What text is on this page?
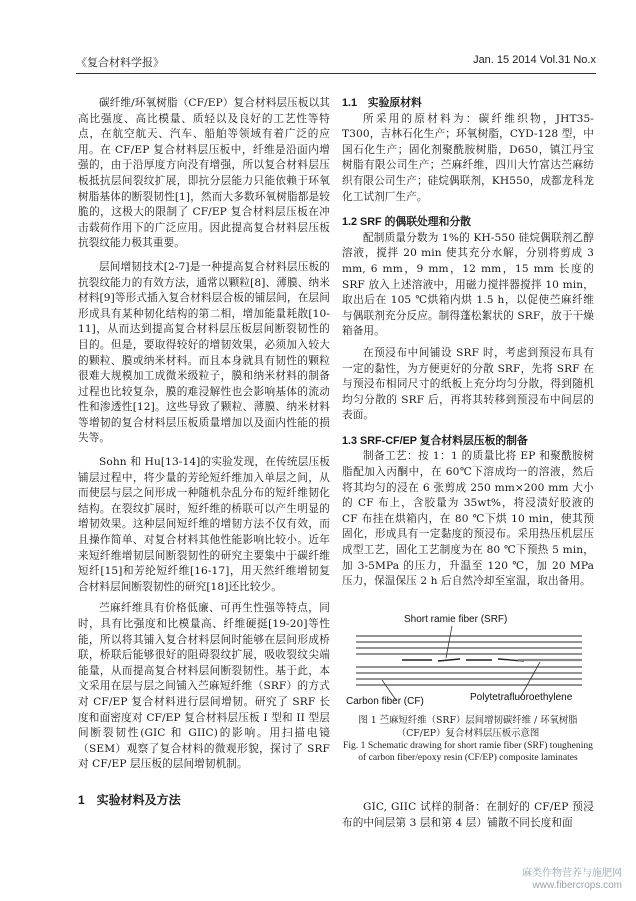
《复合材料学报》	Jan. 15 2014 Vol.31 No.x

碳纤维/环氧树脂（CF/EP）复合材料层压板以其高比强度、高比模量、质轻以及良好的工艺性等特点，在航空航天、汽车、船舶等领域有着广泛的应用。在 CF/EP 复合材料层压板中，纤维是沿面内增强的，由于沿厚度方向没有增强，所以复合材料层压板抵抗层间裂纹扩展，即抗分层能力只能依赖于环氧树脂基体的断裂韧性[1]，然而大多数环氧树脂都是较脆的，这极大的限制了 CF/EP 复合材料层压板在冲击载荷作用下的广泛应用。因此提高复合材料层压板抗裂纹能力极其重要。

层间增韧技术[2-7]是一种提高复合材料层压板的抗裂纹能力的有效方法，通常以颗粒[8]、薄膜、纳米材料[9]等形式插入复合材料层合板的铺层间，在层间形成具有某种韧化结构的第二相，增加能量耗散[10-11]，从而达到提高复合材料层压板层间断裂韧性的目的。但是，要取得较好的增韧效果，必须加入较大的颗粒、膜或纳米材料。而且本身就具有韧性的颗粒很难大规模加工成微米级粒子，膜和纳米材料的制备过程也比较复杂，膜的难浸解性也会影响基体的流动性和渗透性[12]。这些导致了颗粒、薄膜、纳米材料等增韧的复合材料层压板质量增加以及面内性能的损失等。

Sohn 和 Hu[13-14]的实验发现，在传统层压板铺层过程中，将少量的芳纶短纤维加入单层之间，从而使层与层之间形成一种随机杂乱分布的短纤维韧化结构。在裂纹扩展时，短纤维的桥联可以产生明显的增韧效果。这种层间短纤维的增韧方法不仅有效，而且操作简单、对复合材料其他性能影响比较小。近年来短纤维增韧层间断裂韧性的研究主要集中于碳纤维短纤[15]和芳纶短纤维[16-17]，用天然纤维增韧复合材料层间断裂韧性的研究[18]还比较少。

苎麻纤维具有价格低廉、可再生性强等特点，同时，具有比强度和比模量高、纤维硬挺[19-20]等性能，所以将其铺入复合材料层间时能够在层间形成桥联，桥联后能够很好的阻碍裂纹扩展，吸收裂纹尖端能量，从而提高复合材料层间断裂韧性。基于此，本文采用在层与层之间铺入苎麻短纤维（SRF）的方式对 CF/EP 复合材料进行层间增韧。研究了 SRF 长度和面密度对 CF/EP 复合材料层压板 I 型和 II 型层间断裂韧性(GIC 和 GIIC)的影响。用扫描电镜（SEM）观察了复合材料的微观形貌，探讨了 SRF 对 CF/EP 层压板的层间增韧机制。

1　实验材料及方法

1.1　实验原材料

所采用的原材料为：碳纤维织物，JHT35-T300，吉林石化生产；环氧树脂，CYD-128 型，中国石化生产；固化剂聚酰胺树脂，D650，镇江丹宝树脂有限公司生产；苎麻纤维，四川大竹富达苎麻纺织有限公司生产；硅烷偶联剂，KH550，成都龙科龙化工试剂厂生产。

1.2 SRF 的偶联处理和分散

配制质量分数为 1%的 KH-550 硅烷偶联剂乙醇溶液，搅拌 20 min 使其充分水解，分别将剪成 3 mm, 6 mm，9 mm，12 mm，15 mm 长度的 SRF 放入上述溶液中，用磁力搅拌器搅拌 10 min，取出后在 105 ℃烘箱内烘 1.5 h，以促使苎麻纤维与偶联剂充分反应。制得蓬松絮状的 SRF，放于干燥箱备用。

在预浸布中间铺设 SRF 时，考虑到预浸布具有一定的黏性，为方便更好的分散 SRF，先将 SRF 在与预浸布相同尺寸的纸板上充分均匀分散，得到随机均匀分散的 SRF 后，再将其转移到预浸布中间层的表面。

1.3 SRF-CF/EP 复合材料层压板的制备

制备工艺：按 1：1 的质量比将 EP 和聚酰胺树脂配加入丙酮中，在 60℃下溶成均一的溶液，然后将其均匀的浸在 6 张剪成 250 mm×200 mm 大小的 CF 布上，含胶量为 35wt%，将浸渍好胶液的 CF 布挂在烘箱内，在 80 ℃下烘 10 min，使其预固化，形成具有一定黏度的预浸布。采用热压机层压成型工艺，固化工艺制度为在 80 ℃下预热 5 min，加 3-5MPa 的压力，升温至 120 ℃，加 20 MPa 压力，保温保压 2 h 后自然冷却至室温，取出备用。

Short ramie fiber (SRF)
Carbon fiber (CF)	Polytetrafluoroethylene
图 1 苎麻短纤维（SRF）层间增韧碳纤维 / 环氧树脂（CF/EP）复合材料层压板示意图
Fig. 1 Schematic drawing for short ramie fiber (SRF) toughening of carbon fiber/epoxy resin (CF/EP) composite laminates

GIC, GIIC 试样的制备：在制好的 CF/EP 预浸布的中间层第 3 层和第 4 层）铺散不同长度和面

麻类作物营养与施肥网
www.fibercrops.com
